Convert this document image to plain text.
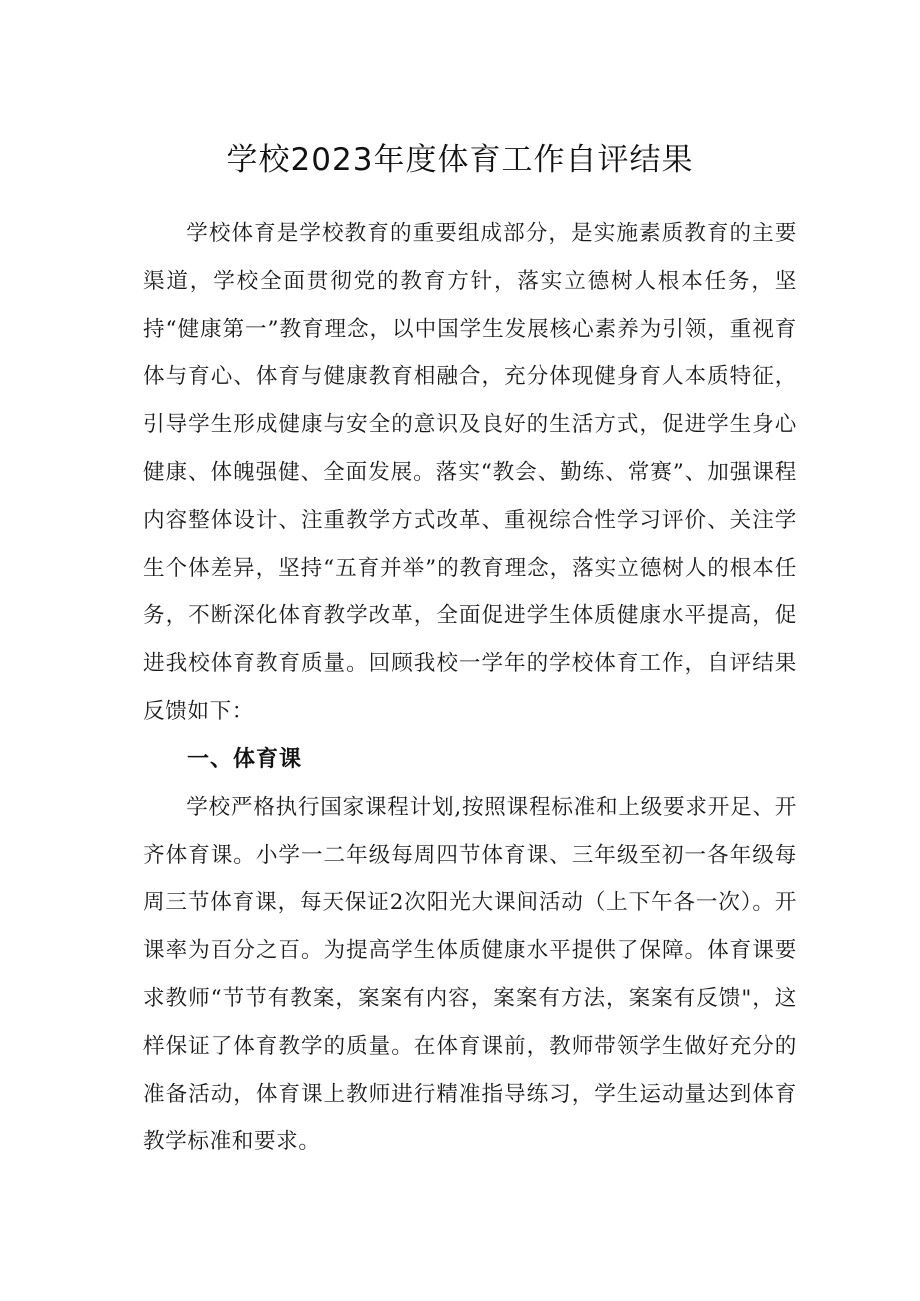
学校2023年度体育工作自评结果

学校体育是学校教育的重要组成部分，是实施素质教育的主要渠道，学校全面贯彻党的教育方针，落实立德树人根本任务，坚持“健康第一”教育理念，以中国学生发展核心素养为引领，重视育体与育心、体育与健康教育相融合，充分体现健身育人本质特征，引导学生形成健康与安全的意识及良好的生活方式，促进学生身心健康、体魄强健、全面发展。落实“教会、勤练、常赛”、加强课程内容整体设计、注重教学方式改革、重视综合性学习评价、关注学生个体差异，坚持“五育并举”的教育理念，落实立德树人的根本任务，不断深化体育教学改革，全面促进学生体质健康水平提高，促进我校体育教育质量。回顾我校一学年的学校体育工作，自评结果反馈如下：

一、体育课

学校严格执行国家课程计划,按照课程标准和上级要求开足、开齐体育课。小学一二年级每周四节体育课、三年级至初一各年级每周三节体育课，每天保证2次阳光大课间活动（上下午各一次）。开课率为百分之百。为提高学生体质健康水平提供了保障。体育课要求教师“节节有教案，案案有内容，案案有方法，案案有反馈"，这样保证了体育教学的质量。在体育课前，教师带领学生做好充分的准备活动，体育课上教师进行精准指导练习，学生运动量达到体育教学标准和要求。
